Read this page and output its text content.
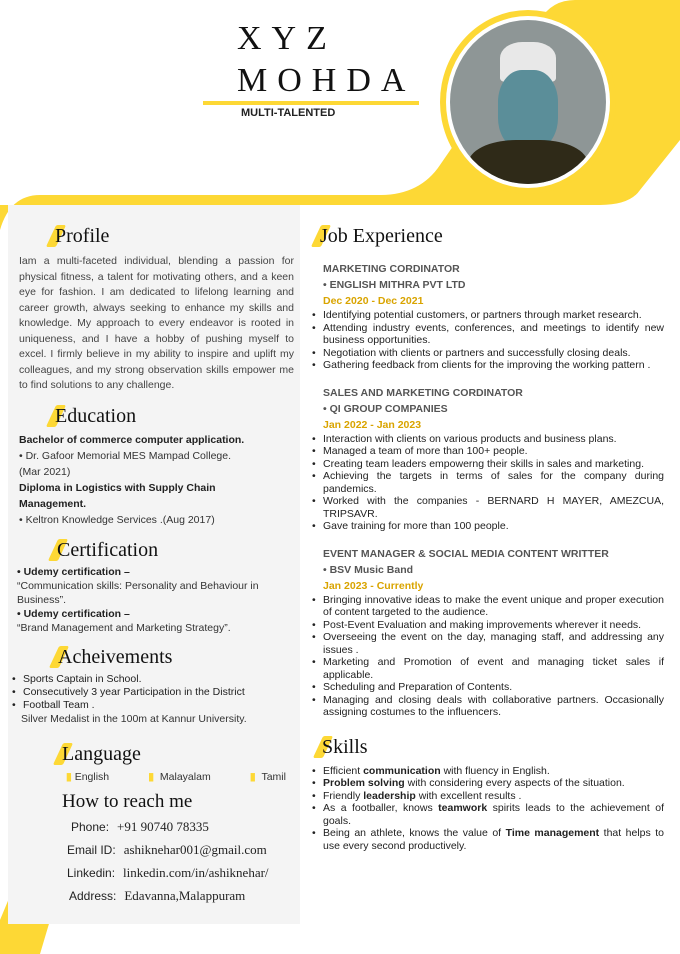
XYZ
MOHDA
MULTI-TALENTED
Profile
Iam a multi-faceted individual, blending a passion for physical fitness, a talent for motivating others, and a keen eye for fashion. I am dedicated to lifelong learning and career growth, always seeking to enhance my skills and knowledge. My approach to every endeavor is rooted in uniqueness, and I have a hobby of pushing myself to excel. I firmly believe in my ability to inspire and uplift my colleagues, and my strong observation skills empower me to find solutions to any challenge.
Education
Bachelor of commerce computer application.
• Dr. Gafoor Memorial MES Mampad College.
(Mar 2021)
Diploma in Logistics with Supply Chain Management.
• Keltron Knowledge Services .(Aug 2017)
Certification
• Udemy certification –
“Communication skills: Personality and Behaviour in Business”.
• Udemy certification –
“Brand Management and Marketing Strategy”.
Acheivements
• Sports Captain in School.
• Consecutively 3 year Participation in the District
• Football Team .
Silver Medalist in the 100m at Kannur University.
Language
▮ English	▮ Malayalam	▮ Tamil
How to reach me
Phone: +91 90740 78335
Email ID: ashiknehar001@gmail.com
Linkedin: linkedin.com/in/ashiknehar/
Address: Edavanna,Malappuram
Job Experience
MARKETING CORDINATOR
• ENGLISH MITHRA PVT LTD
Dec 2020 - Dec 2021
• Identifying potential customers, or partners through market research.
• Attending industry events, conferences, and meetings to identify new business opportunities.
• Negotiation with clients or partners and successfully closing deals.
• Gathering feedback from clients for the improving the working pattern .
SALES AND MARKETING CORDINATOR
• QI GROUP COMPANIES
Jan 2022 - Jan 2023
• Interaction with clients on various products and business plans.
• Managed a team of more than 100+ people.
• Creating team leaders empowerng their skills in sales and marketing.
• Achieving the targets in terms of sales for the company during pandemics.
• Worked with the companies - BERNARD H MAYER, AMEZCUA, TRIPSAVR.
• Gave training for more than 100 people.
EVENT MANAGER & SOCIAL MEDIA CONTENT WRITTER
• BSV Music Band
Jan 2023 - Currently
• Bringing innovative ideas to make the event unique and proper execution of content targeted to the audience.
• Post-Event Evaluation and making improvements wherever it needs.
• Overseeing the event on the day, managing staff, and addressing any issues .
• Marketing and Promotion of event and managing ticket sales if applicable.
• Scheduling and Preparation of Contents.
• Managing and closing deals with collaborative partners. Occasionally assigning costumes to the influencers.
Skills
• Efficient communication with fluency in English.
• Problem solving with considering every aspects of the situation.
• Friendly leadership with excellent results .
• As a footballer, knows teamwork spirits leads to the achievement of goals.
• Being an athlete, knows the value of Time management that helps to use every second productively.
